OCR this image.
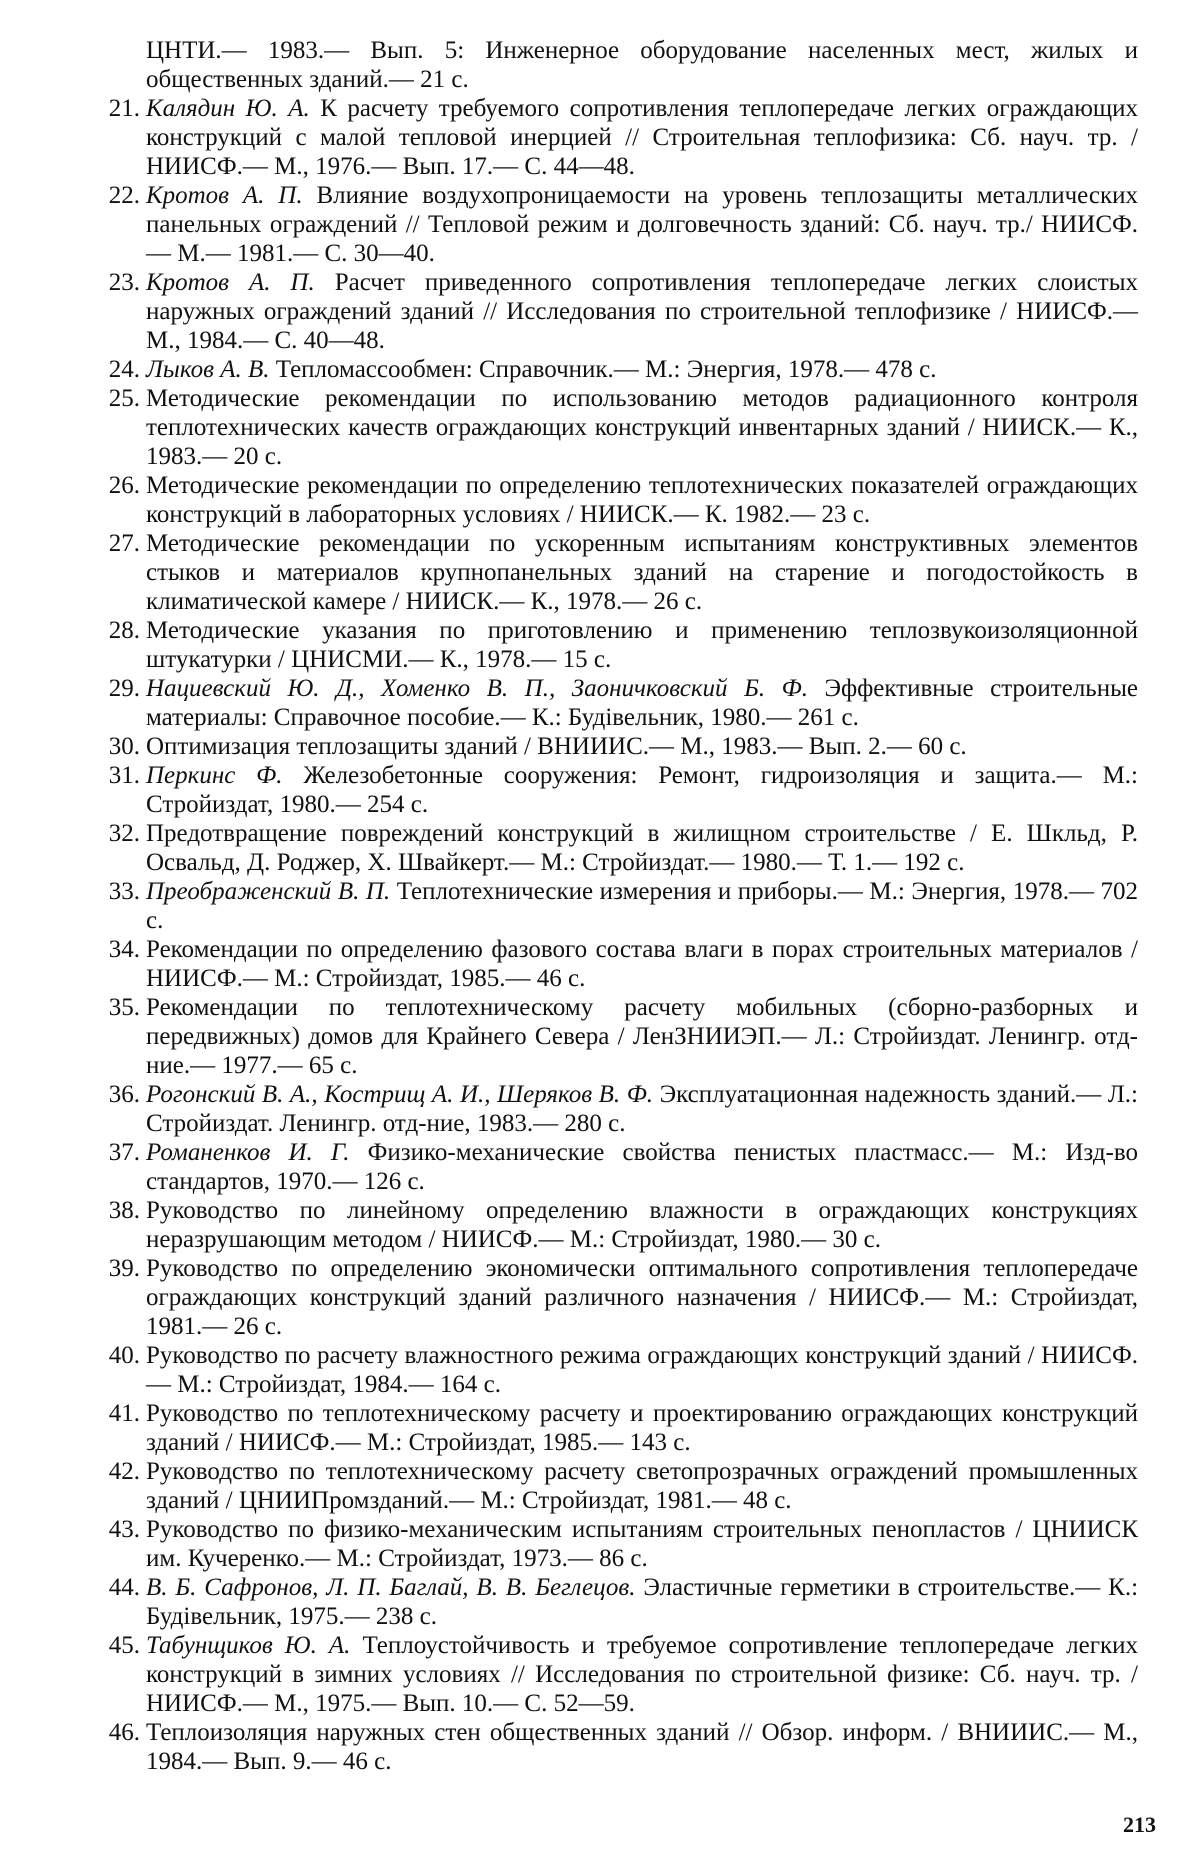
ЦНТИ.— 1983.— Вып. 5: Инженерное оборудование населенных мест, жилых и общественных зданий.— 21 с.

21. Калядин Ю. А. К расчету требуемого сопротивления теплопередаче легких ограждающих конструкций с малой тепловой инерцией // Строительная теплофизика: Сб. науч. тр. / НИИСФ.— М., 1976.— Вып. 17.— С. 44—48.

22. Кротов А. П. Влияние воздухопроницаемости на уровень теплозащиты металлических панельных ограждений // Тепловой режим и долговечность зданий: Сб. науч. тр./ НИИСФ.— М.— 1981.— С. 30—40.

23. Кротов А. П. Расчет приведенного сопротивления теплопередаче легких слоистых наружных ограждений зданий // Исследования по строительной теплофизике / НИИСФ.— М., 1984.— С. 40—48.

24. Лыков А. В. Тепломассообмен: Справочник.— М.: Энергия, 1978.— 478 с.

25. Методические рекомендации по использованию методов радиационного контроля теплотехнических качеств ограждающих конструкций инвентарных зданий / НИИСК.— К., 1983.— 20 с.

26. Методические рекомендации по определению теплотехнических показателей ограждающих конструкций в лабораторных условиях / НИИСК.— К. 1982.— 23 с.

27. Методические рекомендации по ускоренным испытаниям конструктивных элементов стыков и материалов крупнопанельных зданий на старение и погодостойкость в климатической камере / НИИСК.— К., 1978.— 26 с.

28. Методические указания по приготовлению и применению теплозвукоизоляционной штукатурки / ЦНИСМИ.— К., 1978.— 15 с.

29. Нациевский Ю. Д., Хоменко В. П., Заоничковский Б. Ф. Эффективные строительные материалы: Справочное пособие.— К.: Будівельник, 1980.— 261 с.

30. Оптимизация теплозащиты зданий / ВНИИИС.— М., 1983.— Вып. 2.— 60 с.

31. Перкинс Ф. Железобетонные сооружения: Ремонт, гидроизоляция и защита.— М.: Стройиздат, 1980.— 254 с.

32. Предотвращение повреждений конструкций в жилищном строительстве / Е. Шкльд, Р. Освальд, Д. Роджер, Х. Швайкерт.— М.: Стройиздат.— 1980.— Т. 1.— 192 с.

33. Преображенский В. П. Теплотехнические измерения и приборы.— М.: Энергия, 1978.— 702 с.

34. Рекомендации по определению фазового состава влаги в порах строительных материалов / НИИСФ.— М.: Стройиздат, 1985.— 46 с.

35. Рекомендации по теплотехническому расчету мобильных (сборно-разборных и передвижных) домов для Крайнего Севера / ЛенЗНИИЭП.— Л.: Стройиздат. Ленингр. отд-ние.— 1977.— 65 с.

36. Рогонский В. А., Кострищ А. И., Шеряков В. Ф. Эксплуатационная надежность зданий.— Л.: Стройиздат. Ленингр. отд-ние, 1983.— 280 с.

37. Романенков И. Г. Физико-механические свойства пенистых пластмасс.— М.: Изд-во стандартов, 1970.— 126 с.

38. Руководство по линейному определению влажности в ограждающих конструкциях неразрушающим методом / НИИСФ.— М.: Стройиздат, 1980.— 30 с.

39. Руководство по определению экономически оптимального сопротивления теплопередаче ограждающих конструкций зданий различного назначения / НИИСФ.— М.: Стройиздат, 1981.— 26 с.

40. Руководство по расчету влажностного режима ограждающих конструкций зданий / НИИСФ.— М.: Стройиздат, 1984.— 164 с.

41. Руководство по теплотехническому расчету и проектированию ограждающих конструкций зданий / НИИСФ.— М.: Стройиздат, 1985.— 143 с.

42. Руководство по теплотехническому расчету светопрозрачных ограждений промышленных зданий / ЦНИИПромзданий.— М.: Стройиздат, 1981.— 48 с.

43. Руководство по физико-механическим испытаниям строительных пенопластов / ЦНИИСК им. Кучеренко.— М.: Стройиздат, 1973.— 86 с.

44. В. Б. Сафронов, Л. П. Баглай, В. В. Беглецов. Эластичные герметики в строительстве.— К.: Будівельник, 1975.— 238 с.

45. Табунщиков Ю. А. Теплоустойчивость и требуемое сопротивление теплопередаче легких конструкций в зимних условиях // Исследования по строительной физике: Сб. науч. тр. / НИИСФ.— М., 1975.— Вып. 10.— С. 52—59.

46. Теплоизоляция наружных стен общественных зданий // Обзор. информ. / ВНИИИС.— М., 1984.— Вып. 9.— 46 с.

213
